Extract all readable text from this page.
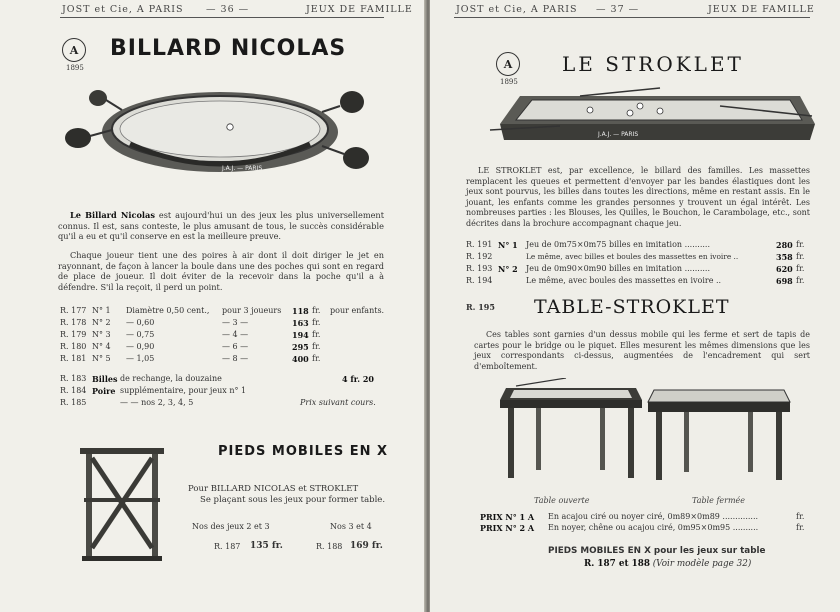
JOST et Cie, A PARIS — 36 —	JEUX DE FAMILLE
A
1895
BILLARD NICOLAS
J.A.J. — PARIS
Le Billard Nicolas est aujourd'hui un des jeux les plus universellement connus. Il est, sans conteste, le plus amusant de tous, le succès considérable qu'il a eu et qu'il conserve en est la meilleure preuve.
Chaque joueur tient une des poires à air dont il doit diriger le jet en rayonnant, de façon à lancer la boule dans une des poches qui sont en regard de place de joueur. Il doit éviter de la recevoir dans la poche qu'il a à défendre. S'il la reçoit, il perd un point.
R. 177 N° 1 Diamètre 0,50 cent., pour 3 joueurs 118 fr. pour enfants.
R. 178 N° 2 — 0,60	— 3 —	163 fr.
R. 179 N° 3 — 0,75	— 4 —	194 fr.
R. 180 N° 4 — 0,90	— 6 —	295 fr.
R. 181 N° 5 — 1,05	— 8 —	400 fr.
R. 183 Billes de rechange, la douzaine	4 fr. 20
R. 184 Poire supplémentaire, pour jeux n° 1
R. 185	— — nos 2, 3, 4, 5	Prix suivant cours.
PIEDS MOBILES EN X
Pour BILLARD NICOLAS et STROKLET
Se plaçant sous les jeux pour former table.
Nos des jeux 2 et 3	Nos 3 et 4
R. 187 135 fr.	R. 188 169 fr.
JOST et Cie, A PARIS — 37 —	JEUX DE FAMILLE
A
1895
LE STROKLET
J.A.J. — PARIS
LE STROKLET est, par excellence, le billard des familles. Les massettes remplacent les queues et permettent d'envoyer par les bandes élastiques dont les jeux sont pourvus, les billes dans toutes les directions, même en restant assis. En le jouant, les enfants comme les grandes personnes y trouvent un égal intérêt. Les nombreuses parties : les Blouses, les Quilles, le Bouchon, le Carambolage, etc., sont décrites dans la brochure accompagnant chaque jeu.
R. 191 N° 1 Jeu de 0m75×0m75 billes en imitation ..........	280 fr.
R. 192	Le même, avec billes et boules des massettes en ivoire ..	358 fr.
R. 193 N° 2 Jeu de 0m90×0m90 billes en imitation ..........	620 fr.
R. 194	Le même, avec boules des massettes en ivoire ..	698 fr.
R. 195 TABLE-STROKLET
Ces tables sont garnies d'un dessus mobile qui les ferme et sert de tapis de cartes pour le bridge ou le piquet. Elles mesurent les mêmes dimensions que les jeux correspondants ci-dessus, augmentées de l'encadrement qui sert d'emboîtement.
Table ouverte	Table fermée
PRIX N° 1 A En acajou ciré ou noyer ciré, 0m89×0m89 ..............	fr.
PRIX N° 2 A En noyer, chêne ou acajou ciré, 0m95×0m95 ..........	fr.
PIEDS MOBILES EN X pour les jeux sur table
R. 187 et 188 (Voir modèle page 32)
